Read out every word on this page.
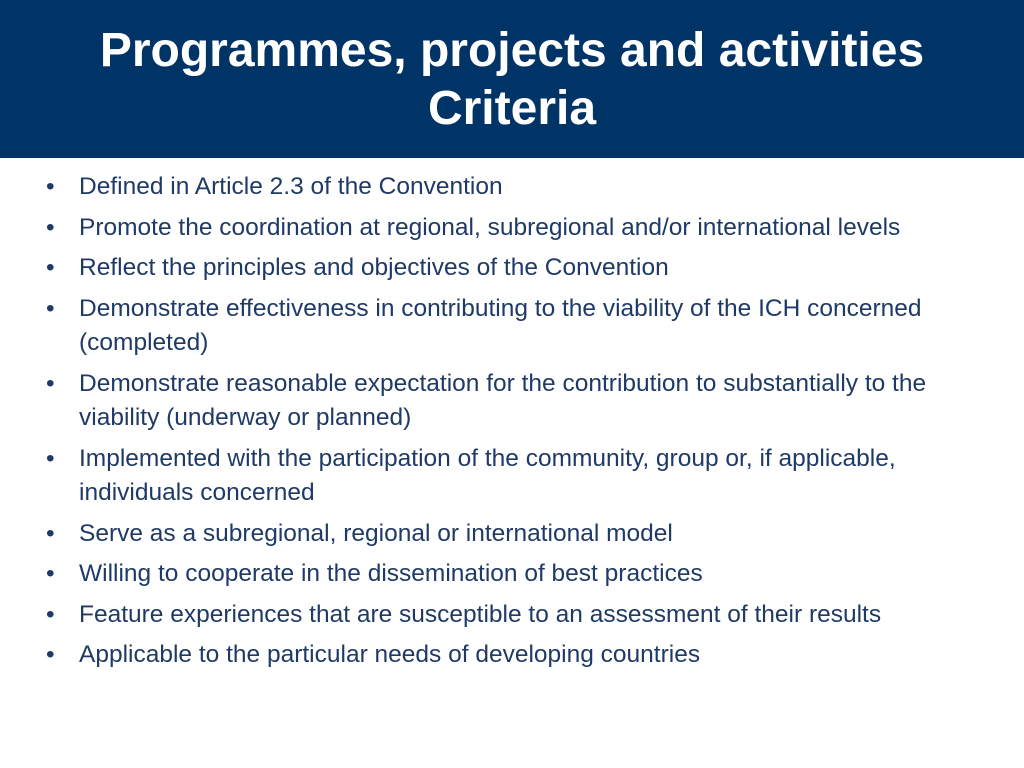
Programmes, projects and activities
Criteria
• Defined in Article 2.3 of the Convention
• Promote the coordination at regional, subregional and/or international levels
• Reflect the principles and objectives of the Convention
• Demonstrate effectiveness in contributing to the viability of the ICH concerned (completed)
• Demonstrate reasonable expectation for the contribution to substantially to the viability (underway or planned)
• Implemented with the participation of the community, group or, if applicable, individuals concerned
• Serve as a subregional, regional or international model
• Willing to cooperate in the dissemination of best practices
• Feature experiences that are susceptible to an assessment of their results
• Applicable to the particular needs of developing countries
